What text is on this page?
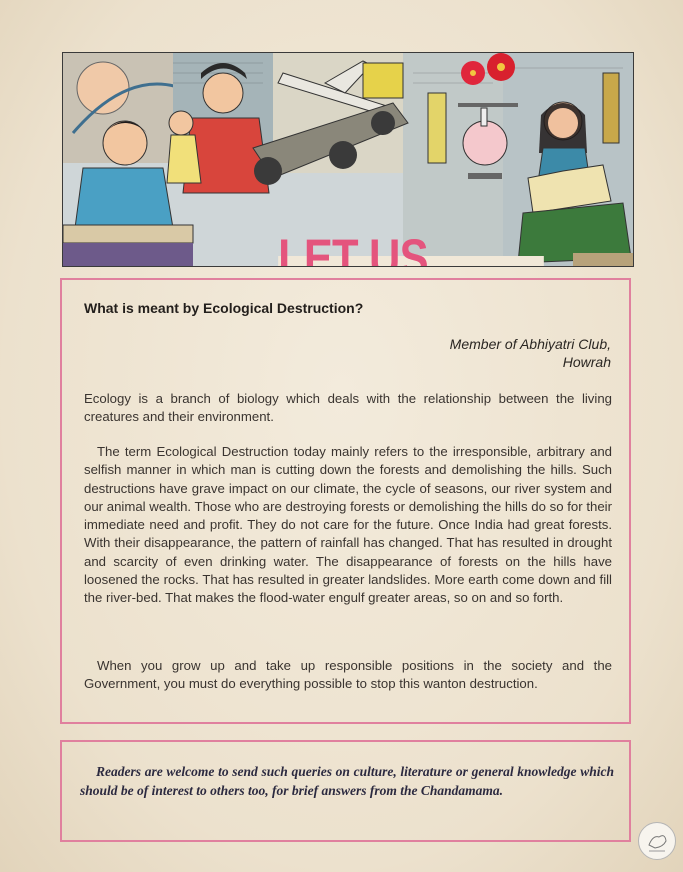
What is meant by Ecological Destruction?
Member of Abhiyatri Club,
Howrah

Ecology is a branch of biology which deals with the relationship between the living creatures and their environment.

The term Ecological Destruction today mainly refers to the irresponsible, arbitrary and selfish manner in which man is cutting down the forests and demolishing the hills. Such destructions have grave impact on our climate, the cycle of seasons, our river system and our animal wealth. Those who are destroying forests or demolishing the hills do so for their immediate need and profit. They do not care for the future. Once India had great forests. With their disappearance, the pattern of rainfall has changed. That has resulted in drought and scarcity of even drinking water. The disappearance of forests on the hills have loosened the rocks. That has resulted in greater landslides. More earth come down and fill the river-bed. That makes the flood-water engulf greater areas, so on and so forth.

When you grow up and take up responsible positions in the society and the Government, you must do everything possible to stop this wanton destruction.

Readers are welcome to send such queries on culture, literature or general knowledge which should be of interest to others too, for brief answers from the Chandamama.
